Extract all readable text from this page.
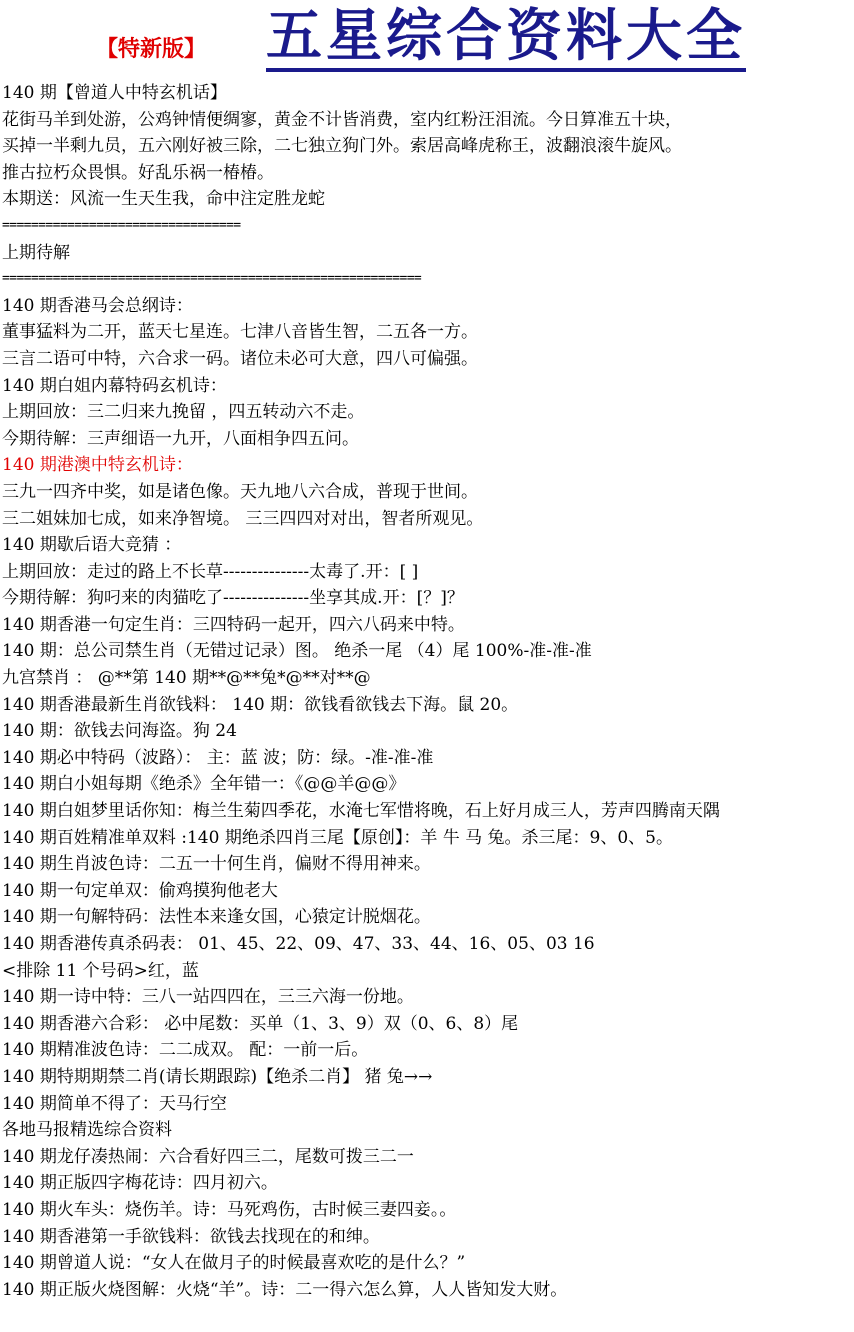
【特新版】 五星综合资料大全
140 期【曾道人中特玄机话】
花街马羊到处游，公鸡钟情便绸寥，黄金不计皆消费，室内红粉汪泪流。今日算准五十块，
买掉一半剩九员，五六刚好被三除，二七独立狗门外。索居高峰虎称王，波翻浪滚牛旋风。
推古拉朽众畏惧。好乱乐祸一椿椿。
本期送：风流一生天生我，命中注定胜龙蛇
=================================
上期待解
==========================================================
140 期香港马会总纲诗：
董事猛料为二开，蓝天七星连。七津八音皆生智，二五各一方。
三言二语可中特，六合求一码。诸位未必可大意，四八可偏强。
140 期白姐内幕特码玄机诗：
上期回放：三二归来九挽留 ，四五转动六不走。
今期待解：三声细语一九开，八面相争四五问。
140 期港澳中特玄机诗：
三九一四齐中奖，如是诸色像。天九地八六合成，普现于世间。
三二姐妹加七成，如来净智境。 三三四四对对出，智者所观见。
140 期歇后语大竞猜 ：
上期回放：走过的路上不长草---------------太毒了.开：[ ]
今期待解：狗叼来的肉猫吃了---------------坐享其成.开：[？]？
140 期香港一句定生肖：三四特码一起开，四六八码来中特。
140 期：总公司禁生肖（无错过记录）图。 绝杀一尾 （4）尾 100%-准-准-准
九宫禁肖 ： @**第 140 期**@**兔*@**对**@
140 期香港最新生肖欲钱料： 140 期：欲钱看欲钱去下海。鼠 20。
140 期：欲钱去问海盗。狗 24
140 期必中特码（波路）： 主：蓝 波；防：绿。-准-准-准
140 期白小姐每期《绝杀》全年错一：《@@羊@@》
140 期白姐梦里话你知：梅兰生菊四季花，水淹七军惜将晚，石上好月成三人，芳声四腾南天隅
140 期百姓精准单双料 :140 期绝杀四肖三尾【原创】：羊 牛 马 兔。杀三尾：9、0、5。
140 期生肖波色诗：二五一十何生肖，偏财不得用神来。
140 期一句定单双：偷鸡摸狗他老大
140 期一句解特码：法性本来逢女国，心猿定计脱烟花。
140 期香港传真杀码表： 01、45、22、09、47、33、44、16、05、03 16
<排除 11 个号码>红，蓝
140 期一诗中特：三八一站四四在，三三六海一份地。
140 期香港六合彩： 必中尾数：买单（1、3、9）双（0、6、8）尾
140 期精准波色诗：二二成双。 配：一前一后。
140 期特期期禁二肖(请长期跟踪)【绝杀二肖】 猪 兔→→
140 期简单不得了：天马行空
各地马报精选综合资料
140 期龙仔凑热闹：六合看好四三二，尾数可拨三二一
140 期正版四字梅花诗：四月初六。
140 期火车头：烧伤羊。诗：马死鸡伤，古时候三妻四妾。。
140 期香港第一手欲钱料：欲钱去找现在的和绅。
140 期曾道人说：“女人在做月子的时候最喜欢吃的是什么？”
140 期正版火烧图解：火烧“羊”。诗：二一得六怎么算，人人皆知发大财。
